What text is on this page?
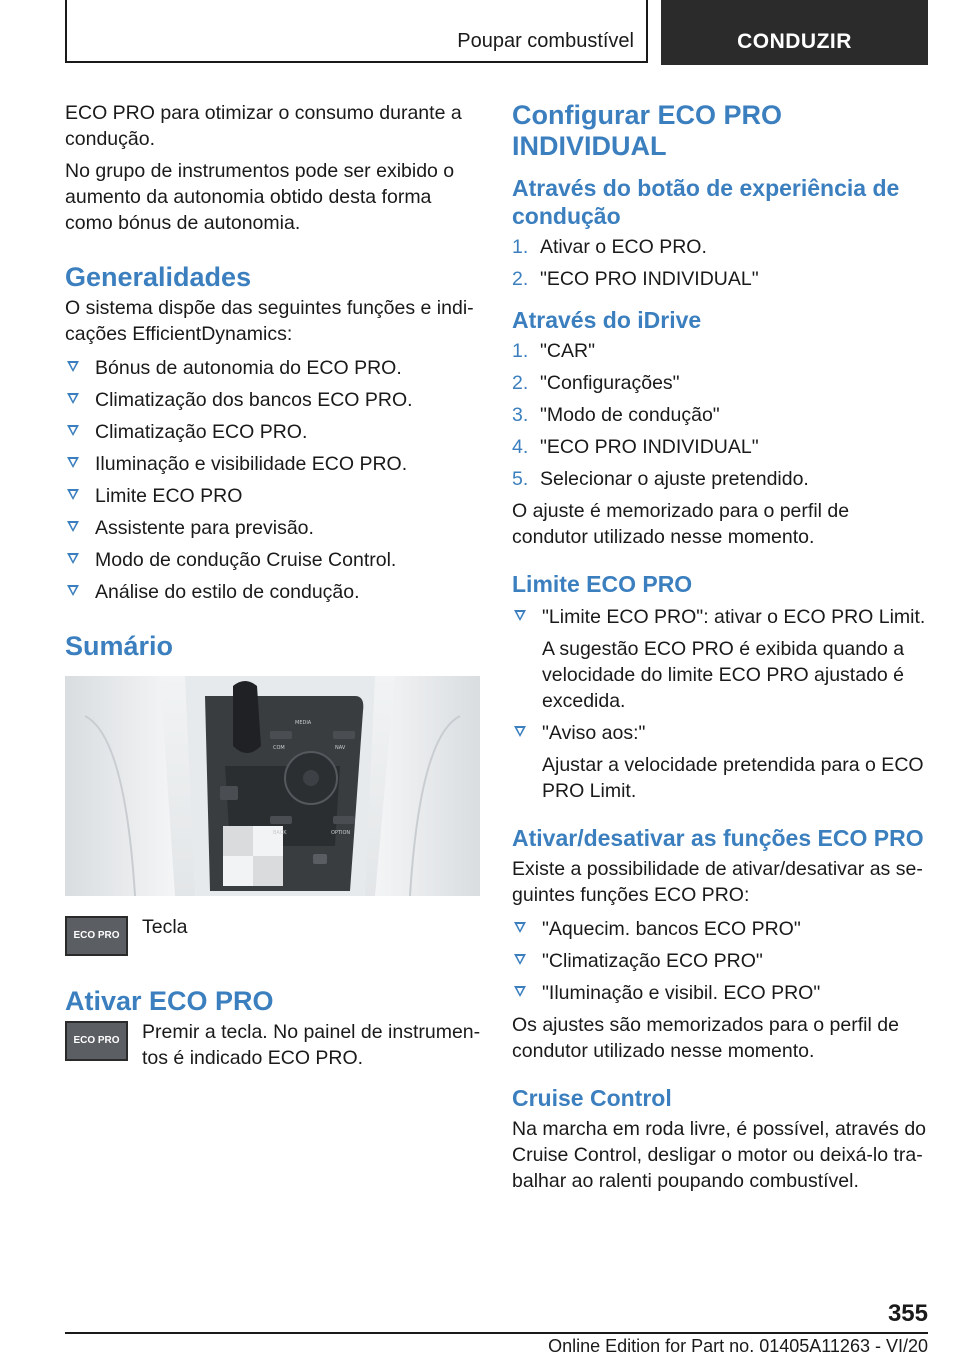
Poupar combustível	CONDUZIR

ECO PRO para otimizar o consumo durante a condução.

No grupo de instrumentos pode ser exibido o aumento da autonomia obtido desta forma como bónus de autonomia.

Generalidades

O sistema dispõe das seguintes funções e indicações EfficientDynamics:

Bónus de autonomia do ECO PRO.
Climatização dos bancos ECO PRO.
Climatização ECO PRO.
Iluminação e visibilidade ECO PRO.
Limite ECO PRO
Assistente para previsão.
Modo de condução Cruise Control.
Análise do estilo de condução.
Sumário
MEDIA
COM	NAV
BACK	OPTION
ECO PRO	Tecla
Ativar ECO PRO
ECO PRO	Premir a tecla. No painel de instrumentos é indicado ECO PRO.
Configurar ECO PRO INDIVIDUAL
Através do botão de experiência de condução
1. Ativar o ECO PRO.
2. "ECO PRO INDIVIDUAL"
Através do iDrive
1. "CAR"
2. "Configurações"
3. "Modo de condução"
4. "ECO PRO INDIVIDUAL"
5. Selecionar o ajuste pretendido.

O ajuste é memorizado para o perfil de condutor utilizado nesse momento.

Limite ECO PRO
"Limite ECO PRO": ativar o ECO PRO Limit.

A sugestão ECO PRO é exibida quando a velocidade do limite ECO PRO ajustado é excedida.

"Aviso aos:"

Ajustar a velocidade pretendida para o ECO PRO Limit.

Ativar/desativar as funções ECO PRO

Existe a possibilidade de ativar/desativar as seguintes funções ECO PRO:

"Aquecim. bancos ECO PRO"
"Climatização ECO PRO"
"Iluminação e visibil. ECO PRO"

Os ajustes são memorizados para o perfil de condutor utilizado nesse momento.

Cruise Control

Na marcha em roda livre, é possível, através do Cruise Control, desligar o motor ou deixá-lo trabalhar ao ralenti poupando combustível.

355
Online Edition for Part no. 01405A11263 - VI/20
